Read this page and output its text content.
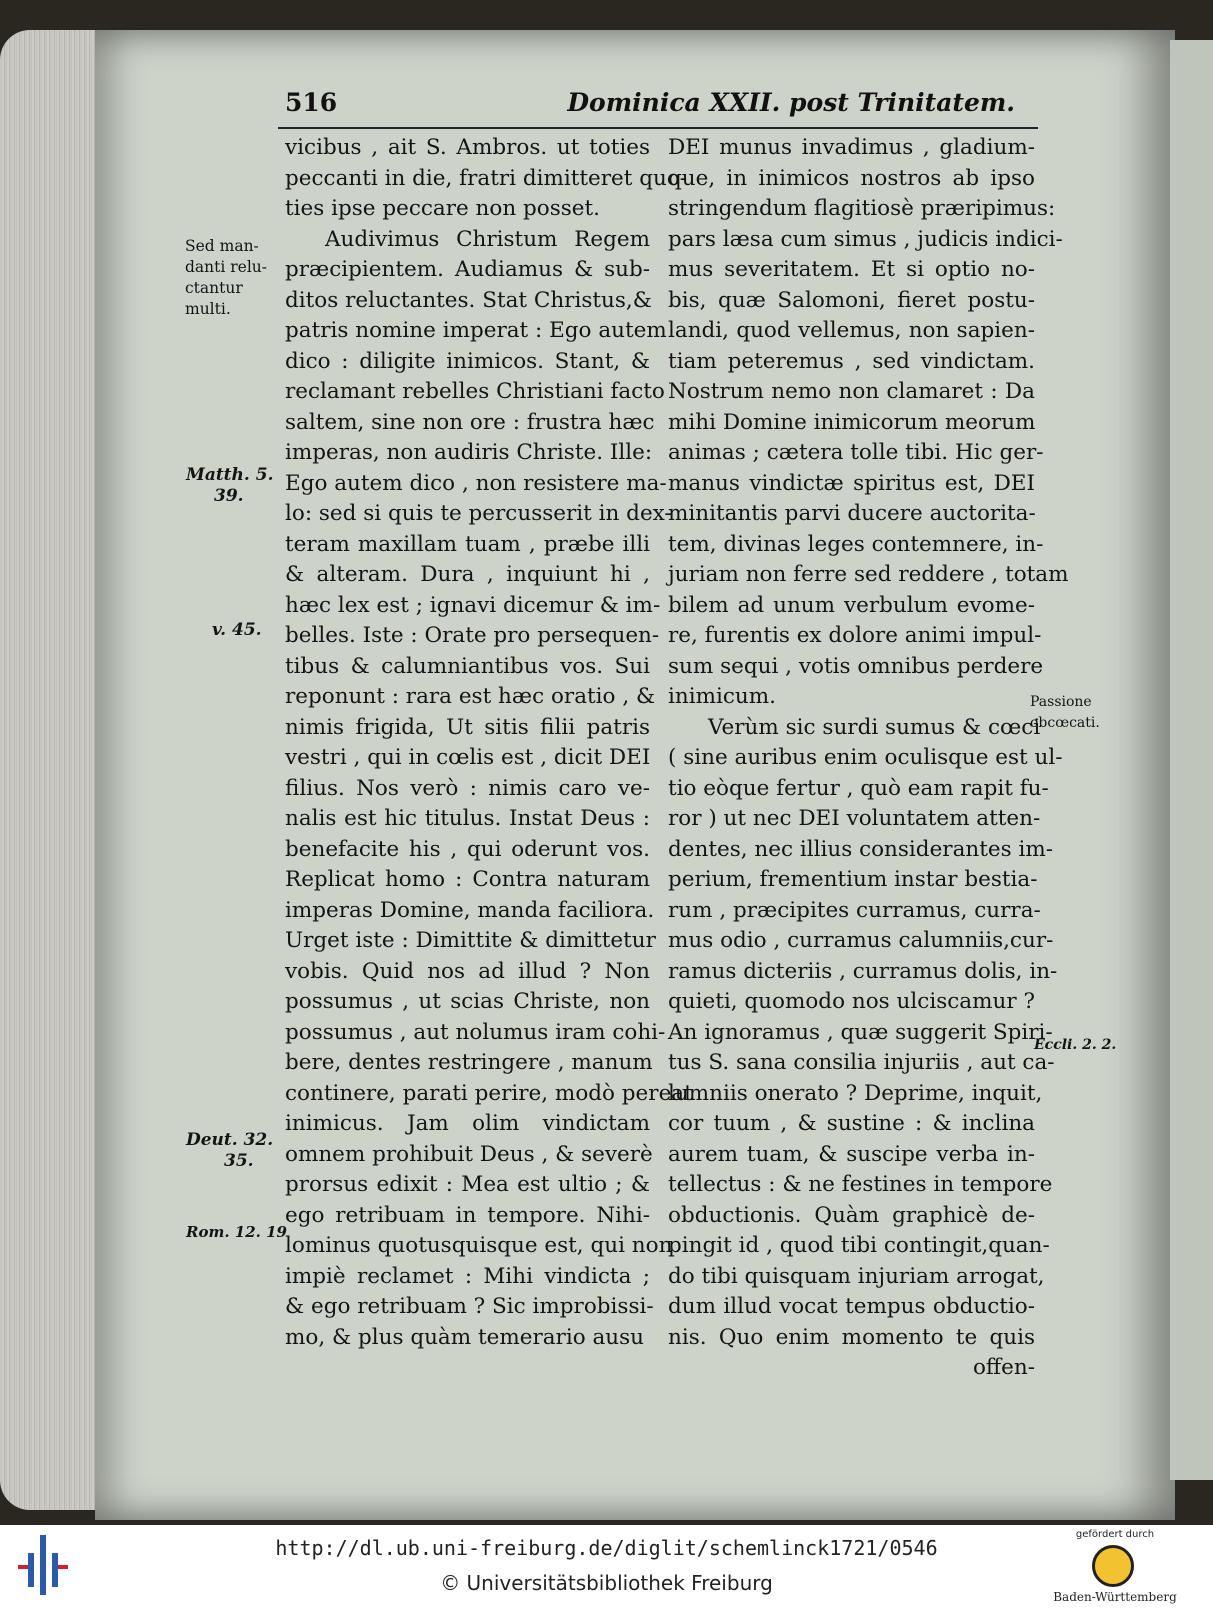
516	Dominica XXII. post Trinitatem.
vicibus , ait S. Ambros. ut toties
peccanti in die, fratri dimitteret quo-
ties ipse peccare non posset.
Audivimus Christum Regem
præcipientem. Audiamus & sub-
ditos reluctantes. Stat Christus,&
patris nomine imperat : Ego autem
dico : diligite inimicos. Stant, &
reclamant rebelles Christiani facto
saltem, sine non ore : frustra hæc
imperas, non audiris Christe. Ille:
Ego autem dico , non resistere ma-
lo: sed si quis te percusserit in dex-
teram maxillam tuam , præbe illi
& alteram. Dura , inquiunt hi ,
hæc lex est ; ignavi dicemur & im-
belles. Iste : Orate pro persequen-
tibus & calumniantibus vos. Sui
reponunt : rara est hæc oratio , &
nimis frigida, Ut sitis filii patris
vestri , qui in cœlis est , dicit DEI
filius. Nos verò : nimis caro ve-
nalis est hic titulus. Instat Deus :
benefacite his , qui oderunt vos.
Replicat homo : Contra naturam
imperas Domine, manda faciliora.
Urget iste : Dimittite & dimittetur
vobis. Quid nos ad illud ? Non
possumus , ut scias Christe, non
possumus , aut nolumus iram cohi-
bere, dentes restringere , manum
continere, parati perire, modò pereat
inimicus. Jam olim vindictam
omnem prohibuit Deus , & severè
prorsus edixit : Mea est ultio ; &
ego retribuam in tempore. Nihi-
lominus quotusquisque est, qui non
impiè reclamet : Mihi vindicta ;
& ego retribuam ? Sic improbissi-
mo, & plus quàm temerario ausu
DEI munus invadimus , gladium-
que, in inimicos nostros ab ipso
stringendum flagitiosè præripimus:
pars læsa cum simus , judicis indici-
mus severitatem. Et si optio no-
bis, quæ Salomoni, fieret postu-
landi, quod vellemus, non sapien-
tiam peteremus , sed vindictam.
Nostrum nemo non clamaret : Da
mihi Domine inimicorum meorum
animas ; cætera tolle tibi. Hic ger-
manus vindictæ spiritus est, DEI
minitantis parvi ducere auctorita-
tem, divinas leges contemnere, in-
juriam non ferre sed reddere , totam
bilem ad unum verbulum evome-
re, furentis ex dolore animi impul-
sum sequi , votis omnibus perdere
inimicum.
Verùm sic surdi sumus & cœci
( sine auribus enim oculisque est ul-
tio eòque fertur , quò eam rapit fu-
ror ) ut nec DEI voluntatem atten-
dentes, nec illius considerantes im-
perium, frementium instar bestia-
rum , præcipites curramus, curra-
mus odio , curramus calumniis,cur-
ramus dicteriis , curramus dolis, in-
quieti, quomodo nos ulciscamur ?
An ignoramus , quæ suggerit Spiri-
tus S. sana consilia injuriis , aut ca-
lumniis onerato ? Deprime, inquit,
cor tuum , & sustine : & inclina
aurem tuam, & suscipe verba in-
tellectus : & ne festines in tempore
obductionis. Quàm graphicè de-
pingit id , quod tibi contingit,quan-
do tibi quisquam injuriam arrogat,
dum illud vocat tempus obductio-
nis. Quo enim momento te quis
offen-
Sed man-
danti relu-
ctantur
multi.
Matth. 5.
39.
v. 45.
Deut. 32.
35.
Rom. 12. 19
Passione
obcœcati.
Eccli. 2. 2.
http://dl.ub.uni-freiburg.de/diglit/schemlinck1721/0546
© Universitätsbibliothek Freiburg
gefördert durch
Baden-Württemberg
